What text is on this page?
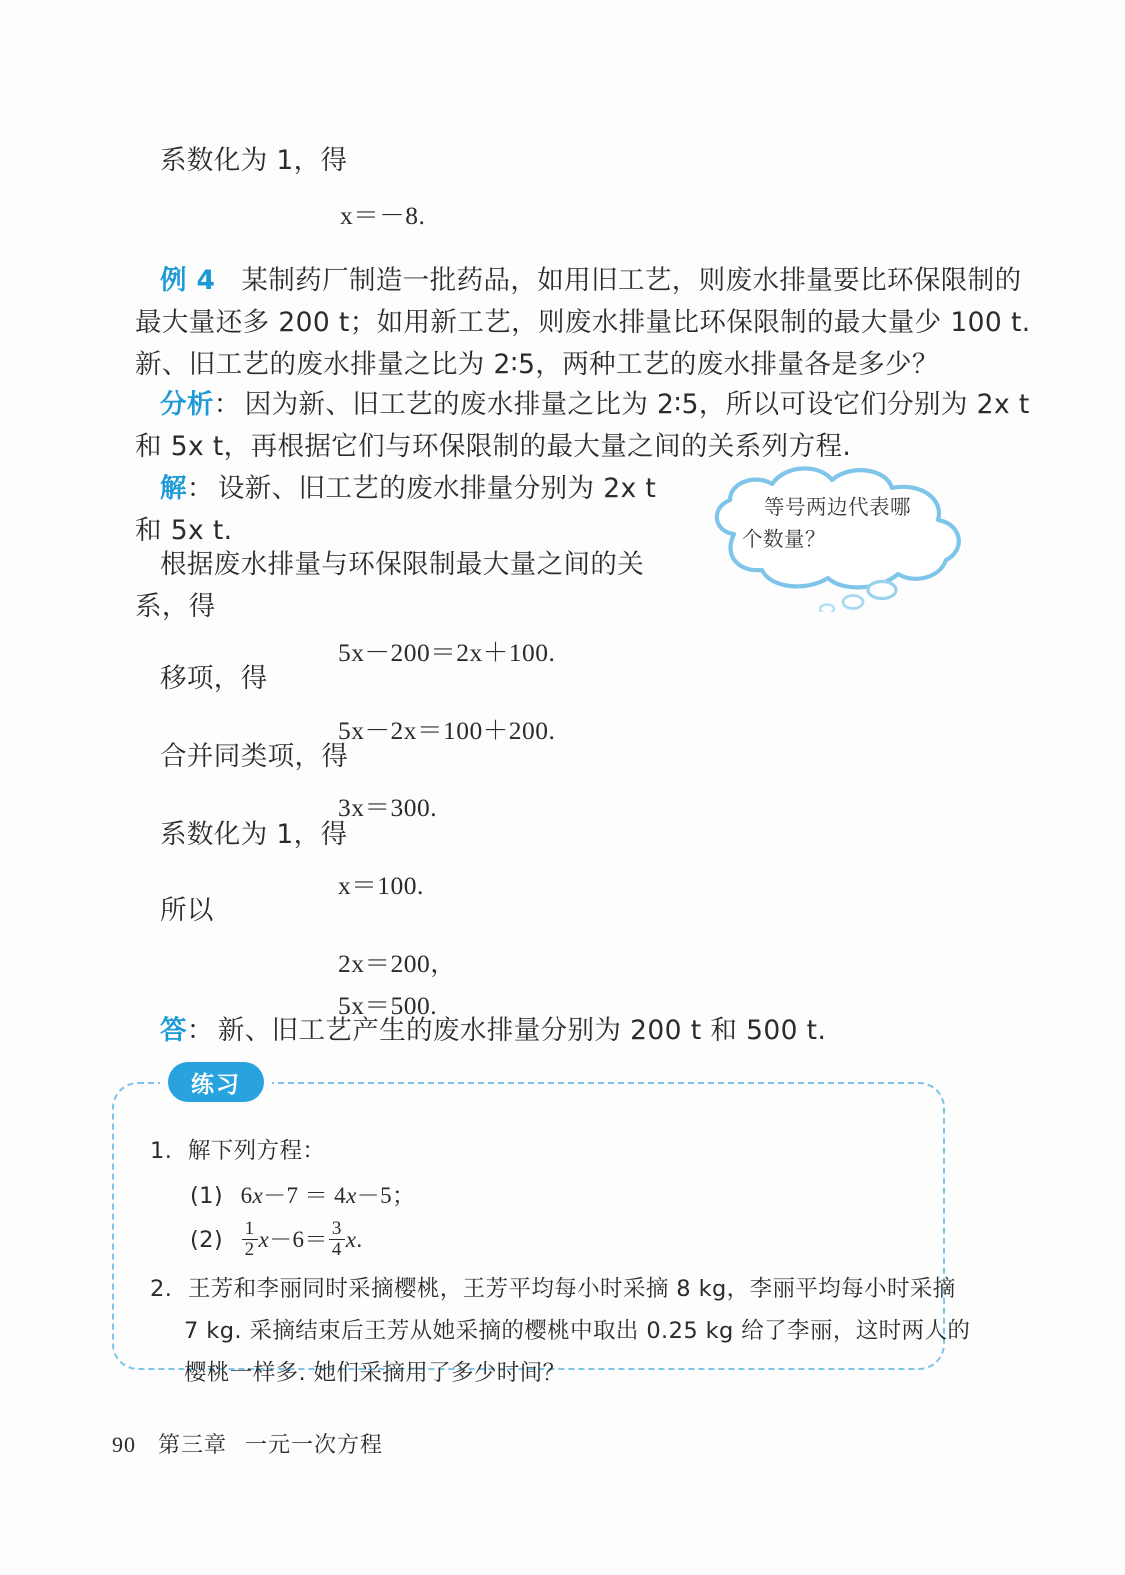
系数化为 1，得
x＝－8.
例 4 某制药厂制造一批药品，如用旧工艺，则废水排量要比环保限制的
最大量还多 200 t；如用新工艺，则废水排量比环保限制的最大量少 100 t.
新、旧工艺的废水排量之比为 2∶5，两种工艺的废水排量各是多少？
分析： 因为新、旧工艺的废水排量之比为 2∶5，所以可设它们分别为 2x t
和 5x t，再根据它们与环保限制的最大量之间的关系列方程.
解： 设新、旧工艺的废水排量分别为 2x t
和 5x t.
根据废水排量与环保限制最大量之间的关
系，得
5x－200＝2x＋100.
移项，得
5x－2x＝100＋200.
合并同类项，得
3x＝300.
系数化为 1，得
x＝100.
所以
2x＝200，
5x＝500.
答： 新、旧工艺产生的废水排量分别为 200 t 和 500 t.
等号两边代表哪
个数量？
练习
1. 解下列方程：
(1) 6x－7 ＝ 4x－5；
$(2) \frac{1}{2} x-6= \frac{3}{4} x$.
2. 王芳和李丽同时采摘樱桃，王芳平均每小时采摘 8 kg，李丽平均每小时采摘
7 kg. 采摘结束后王芳从她采摘的樱桃中取出 0.25 kg 给了李丽，这时两人的
樱桃一样多. 她们采摘用了多少时间？
90 第三章 一元一次方程
